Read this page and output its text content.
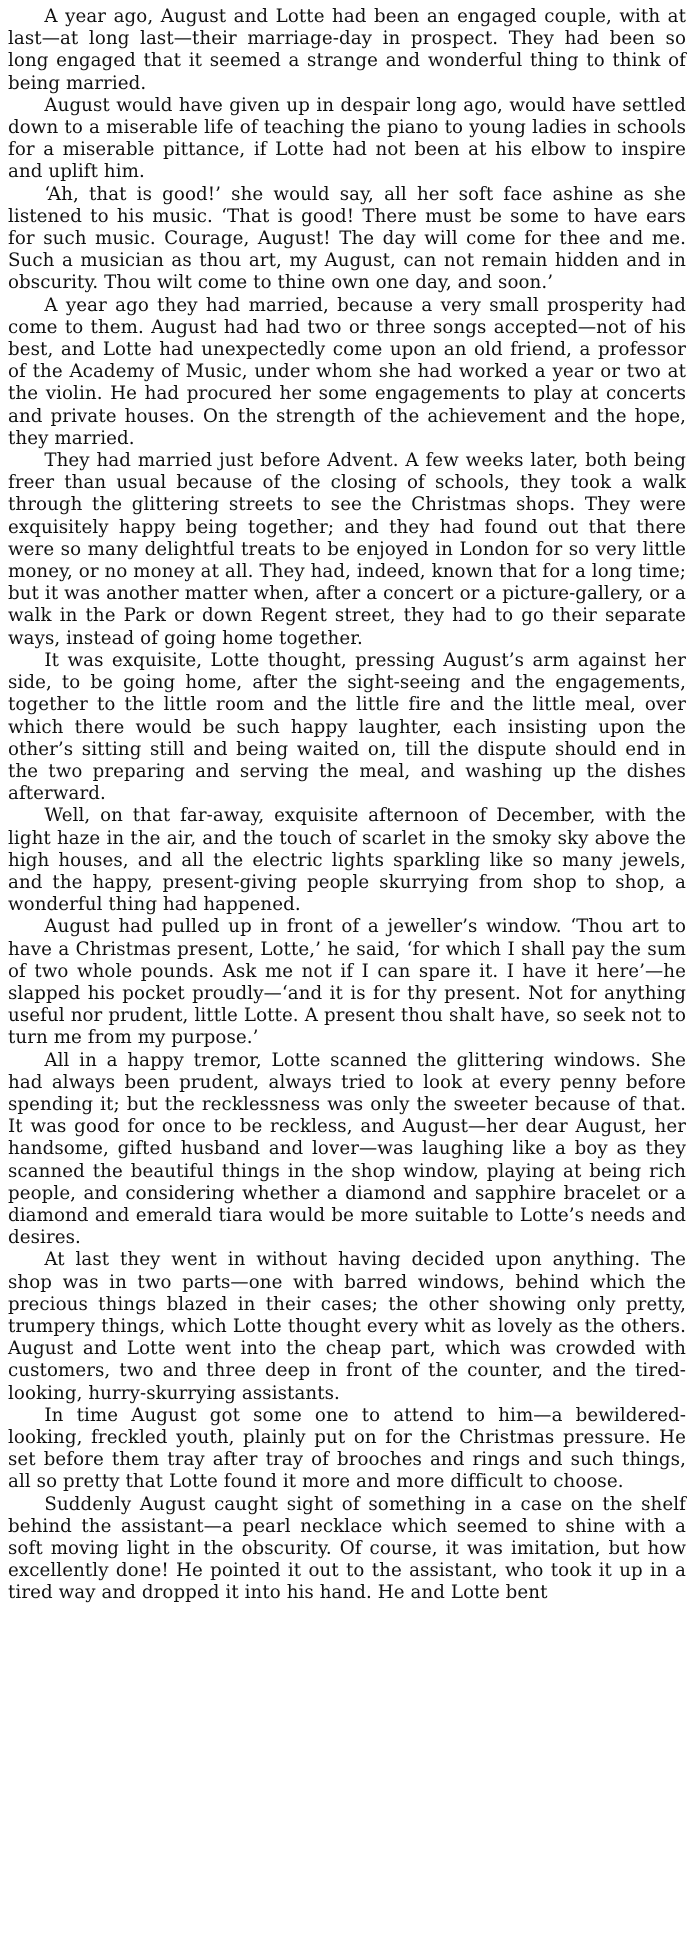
A year ago, August and Lotte had been an engaged couple, with at last—at long last—their marriage-day in prospect. They had been so long engaged that it seemed a strange and wonderful thing to think of being married.

August would have given up in despair long ago, would have settled down to a miserable life of teaching the piano to young ladies in schools for a miserable pittance, if Lotte had not been at his elbow to inspire and uplift him.

‘Ah, that is good!’ she would say, all her soft face ashine as she listened to his music. ‘That is good! There must be some to have ears for such music. Courage, August! The day will come for thee and me. Such a musician as thou art, my August, can not remain hidden and in obscurity. Thou wilt come to thine own one day, and soon.’

A year ago they had married, because a very small prosperity had come to them. August had had two or three songs accepted—not of his best, and Lotte had unexpectedly come upon an old friend, a professor of the Academy of Music, under whom she had worked a year or two at the violin. He had procured her some engagements to play at concerts and private houses. On the strength of the achievement and the hope, they married.

They had married just before Advent. A few weeks later, both being freer than usual because of the closing of schools, they took a walk through the glittering streets to see the Christmas shops. They were exquisitely happy being together; and they had found out that there were so many delightful treats to be enjoyed in London for so very little money, or no money at all. They had, indeed, known that for a long time; but it was another matter when, after a concert or a picture-gallery, or a walk in the Park or down Regent street, they had to go their separate ways, instead of going home together.

It was exquisite, Lotte thought, pressing August’s arm against her side, to be going home, after the sight-seeing and the engagements, together to the little room and the little fire and the little meal, over which there would be such happy laughter, each insisting upon the other’s sitting still and being waited on, till the dispute should end in the two preparing and serving the meal, and washing up the dishes afterward.

Well, on that far-away, exquisite afternoon of December, with the light haze in the air, and the touch of scarlet in the smoky sky above the high houses, and all the electric lights sparkling like so many jewels, and the happy, present-giving people skurrying from shop to shop, a wonderful thing had happened.

August had pulled up in front of a jeweller’s window. ‘Thou art to have a Christmas present, Lotte,’ he said, ‘for which I shall pay the sum of two whole pounds. Ask me not if I can spare it. I have it here’—he slapped his pocket proudly—‘and it is for thy present. Not for anything useful nor prudent, little Lotte. A present thou shalt have, so seek not to turn me from my purpose.’

All in a happy tremor, Lotte scanned the glittering windows. She had always been prudent, always tried to look at every penny before spending it; but the recklessness was only the sweeter because of that. It was good for once to be reckless, and August—her dear August, her handsome, gifted husband and lover—was laughing like a boy as they scanned the beautiful things in the shop window, playing at being rich people, and considering whether a diamond and sapphire bracelet or a diamond and emerald tiara would be more suitable to Lotte’s needs and desires.

At last they went in without having decided upon anything. The shop was in two parts—one with barred windows, behind which the precious things blazed in their cases; the other showing only pretty, trumpery things, which Lotte thought every whit as lovely as the others. August and Lotte went into the cheap part, which was crowded with customers, two and three deep in front of the counter, and the tired-looking, hurry-skurrying assistants.

In time August got some one to attend to him—a bewildered-looking, freckled youth, plainly put on for the Christmas pressure. He set before them tray after tray of brooches and rings and such things, all so pretty that Lotte found it more and more difficult to choose.

Suddenly August caught sight of something in a case on the shelf behind the assistant—a pearl necklace which seemed to shine with a soft moving light in the obscurity. Of course, it was imitation, but how excellently done! He pointed it out to the assistant, who took it up in a tired way and dropped it into his hand. He and Lotte bent
